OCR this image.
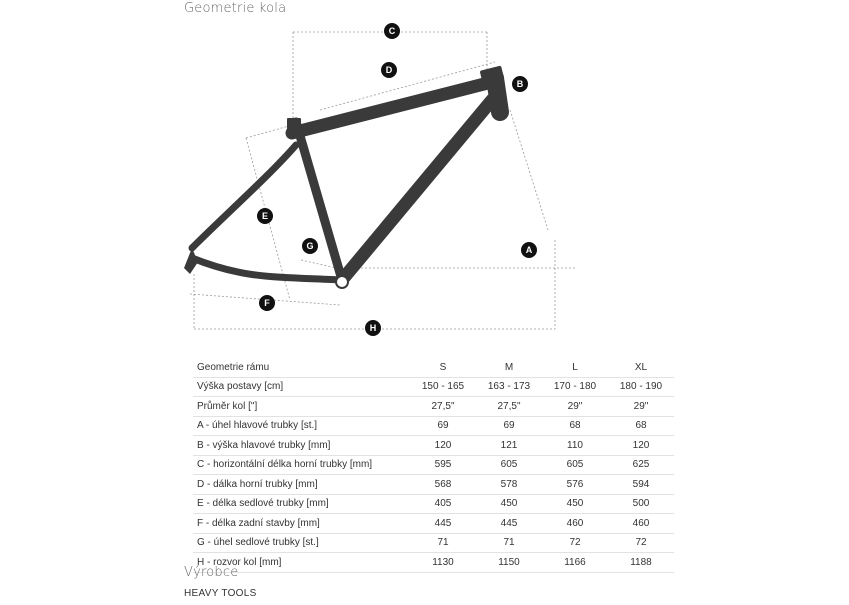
Geometrie kola
C
D
B
E
G	A
F
H
Geometrie rámu	S	M	L	XL
Výška postavy [cm]	150 - 165	163 - 173	170 - 180	180 - 190
Průměr kol ["]	27,5"	27,5"	29"	29"
A - úhel hlavové trubky [st.]	69	69	68	68
B - výška hlavové trubky [mm]	120	121	110	120
C - horizontální délka horní trubky [mm]	595	605	605	625
D - dálka horní trubky [mm]	568	578	576	594
E - délka sedlové trubky [mm]	405	450	450	500
F - délka zadní stavby [mm]	445	445	460	460
G - úhel sedlové trubky [st.]	71	71	72	72
H - rozvor kol [mm]	1130	1150	1166	1188
Výrobce
HEAVY TOOLS
